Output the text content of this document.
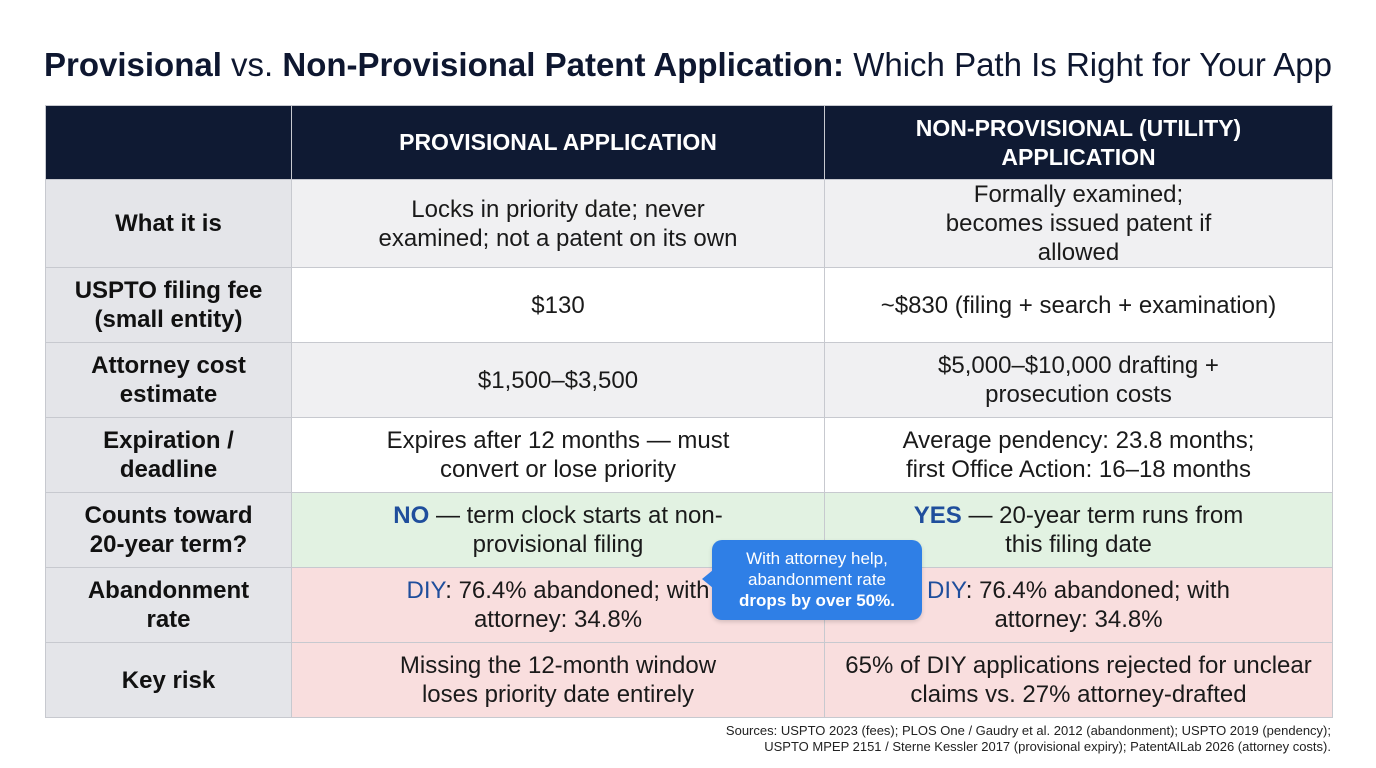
Provisional vs. Non-Provisional Patent Application: Which Path Is Right for Your App
	PROVISIONAL APPLICATION	NON-PROVISIONAL (UTILITY) APPLICATION
What it is	Locks in priority date; never examined; not a patent on its own	Formally examined; becomes issued patent if allowed
USPTO filing fee (small entity)	$130	~$830 (filing + search + examination)
Attorney cost estimate	$1,500–$3,500	$5,000–$10,000 drafting + prosecution costs
Expiration / deadline	Expires after 12 months — must convert or lose priority	Average pendency: 23.8 months; first Office Action: 16–18 months
Counts toward 20-year term?	NO — term clock starts at non-provisional filing	YES — 20-year term runs from this filing date
Abandonment rate	DIY: 76.4% abandoned; with attorney: 34.8%	DIY: 76.4% abandoned; with attorney: 34.8%
Key risk	Missing the 12-month window loses priority date entirely	65% of DIY applications rejected for unclear claims vs. 27% attorney-drafted
With attorney help, abandonment rate
drops by over 50%.
Sources: USPTO 2023 (fees); PLOS One / Gaudry et al. 2012 (abandonment); USPTO 2019 (pendency);
USPTO MPEP 2151 / Sterne Kessler 2017 (provisional expiry); PatentAILab 2026 (attorney costs).
